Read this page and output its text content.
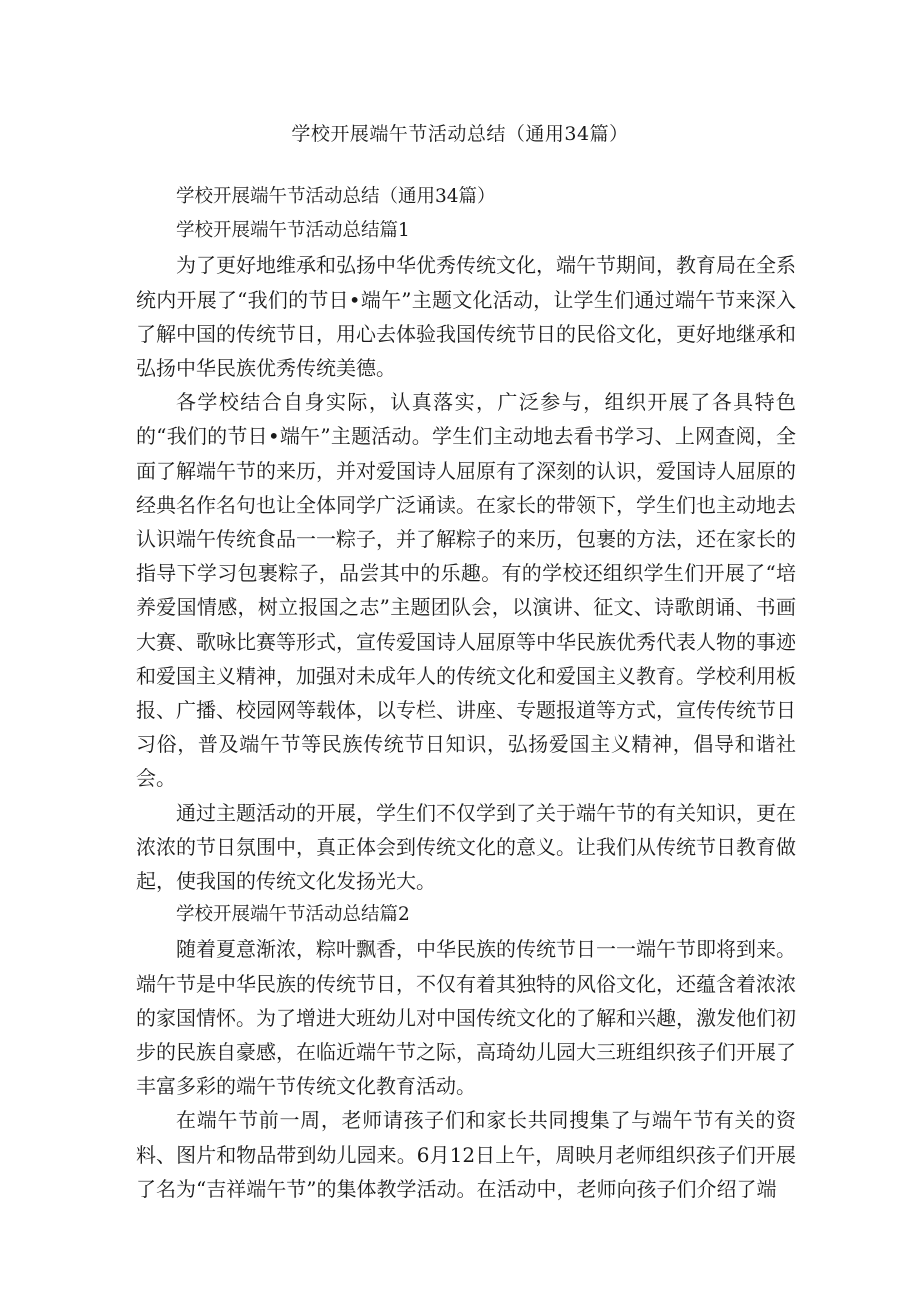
学校开展端午节活动总结（通用34篇）

学校开展端午节活动总结（通用34篇）

学校开展端午节活动总结篇1

为了更好地维承和弘扬中华优秀传统文化，端午节期间，教育局在全系统内开展了“我们的节日•端午”主题文化活动，让学生们通过端午节来深入了解中国的传统节日，用心去体验我国传统节日的民俗文化，更好地继承和弘扬中华民族优秀传统美德。

各学校结合自身实际，认真落实，广泛参与，组织开展了各具特色的“我们的节日•端午”主题活动。学生们主动地去看书学习、上网查阅，全面了解端午节的来历，并对爱国诗人屈原有了深刻的认识，爱国诗人屈原的经典名作名句也让全体同学广泛诵读。在家长的带领下，学生们也主动地去认识端午传统食品一一粽子，并了解粽子的来历，包裹的方法，还在家长的指导下学习包裹粽子，品尝其中的乐趣。有的学校还组织学生们开展了“培养爱国情感，树立报国之志”主题团队会，以演讲、征文、诗歌朗诵、书画大赛、歌咏比赛等形式，宣传爱国诗人屈原等中华民族优秀代表人物的事迹和爱国主义精神，加强对未成年人的传统文化和爱国主义教育。学校利用板报、广播、校园网等载体，以专栏、讲座、专题报道等方式，宣传传统节日习俗，普及端午节等民族传统节日知识，弘扬爱国主义精神，倡导和谐社会。

通过主题活动的开展，学生们不仅学到了关于端午节的有关知识，更在浓浓的节日氛围中，真正体会到传统文化的意义。让我们从传统节日教育做起，使我国的传统文化发扬光大。

学校开展端午节活动总结篇2

随着夏意渐浓，粽叶飘香，中华民族的传统节日一一端午节即将到来。端午节是中华民族的传统节日，不仅有着其独特的风俗文化，还蕴含着浓浓的家国情怀。为了增进大班幼儿对中国传统文化的了解和兴趣，激发他们初步的民族自豪感，在临近端午节之际，高琦幼儿园大三班组织孩子们开展了丰富多彩的端午节传统文化教育活动。

在端午节前一周，老师请孩子们和家长共同搜集了与端午节有关的资料、图片和物品带到幼儿园来。6月12日上午，周映月老师组织孩子们开展了名为“吉祥端午节”的集体教学活动。在活动中，老师向孩子们介绍了端
